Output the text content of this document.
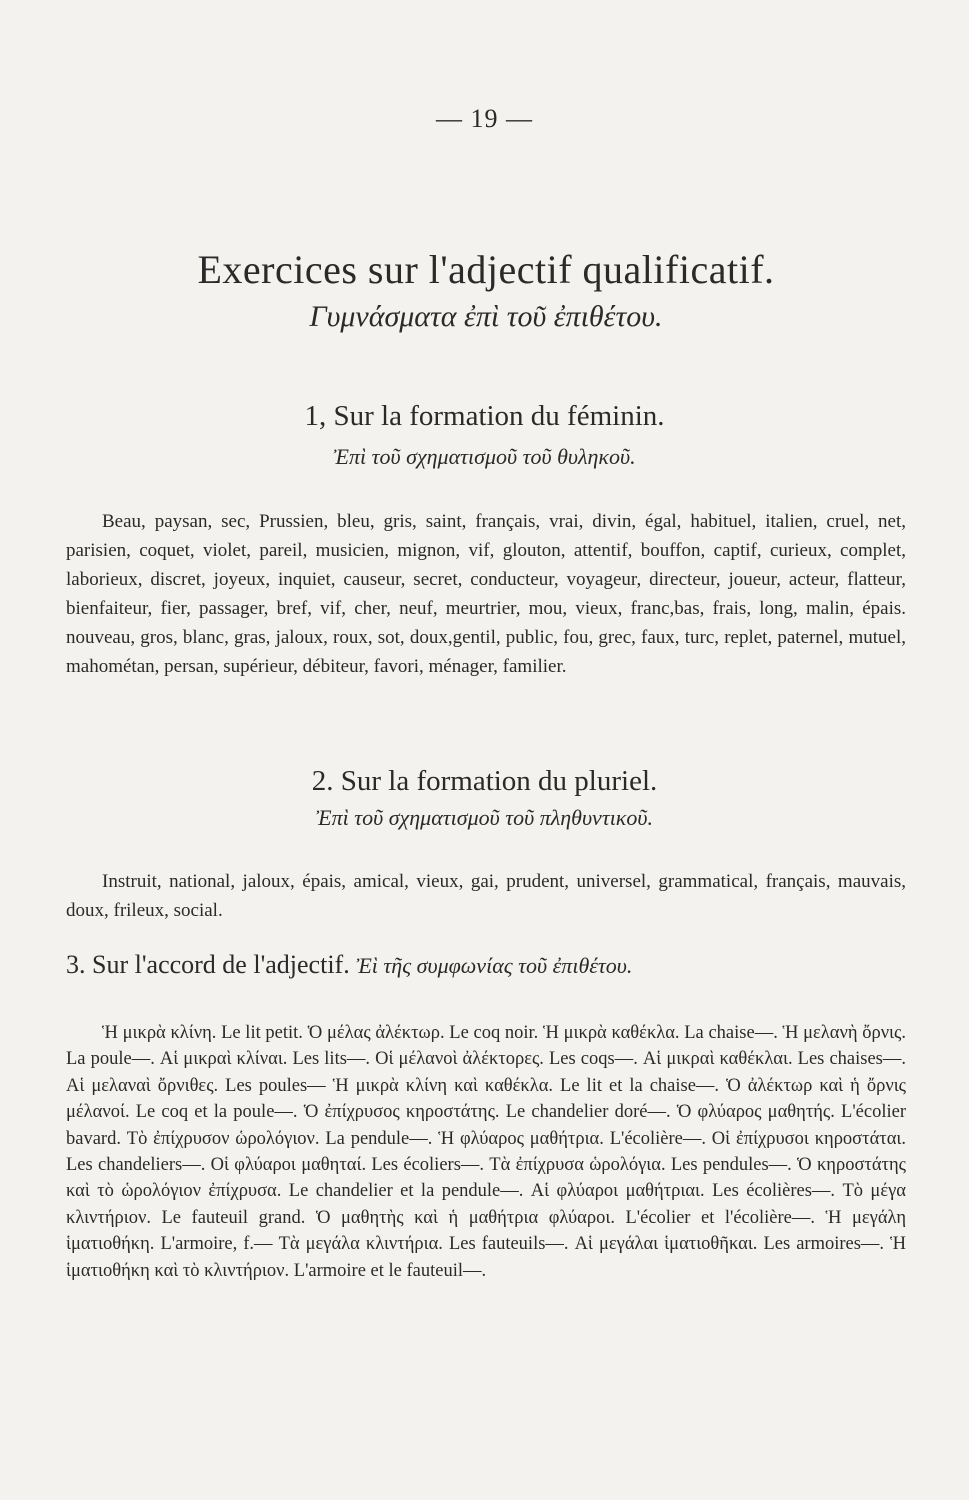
— 19 —
Exercices sur l'adjectif qualificatif.
Γυμνάσματα ἐπὶ τοῦ ἐπιθέτου.
1, Sur la formation du féminin.
Ἐπὶ τοῦ σχηματισμοῦ τοῦ θυληκοῦ.
Beau, paysan, sec, Prussien, bleu, gris, saint, français, vrai, divin, égal, habituel, italien, cruel, net, parisien, coquet, violet, pareil, musicien, mignon, vif, glouton, attentif, bouffon, captif, curieux, complet, laborieux, discret, joyeux, inquiet, causeur, secret, conducteur, voyageur, directeur, joueur, acteur, flatteur, bienfaiteur, fier, passager, bref, vif, cher, neuf, meurtrier, mou, vieux, franc,bas, frais, long, malin, épais. nouveau, gros, blanc, gras, jaloux, roux, sot, doux,gentil, public, fou, grec, faux, turc, replet, paternel, mutuel, mahométan, persan, supérieur, débiteur, favori, ménager, familier.
2. Sur la formation du pluriel.
Ἐπὶ τοῦ σχηματισμοῦ τοῦ πληθυντικοῦ.
Instruit, national, jaloux, épais, amical, vieux, gai, prudent, universel, grammatical, français, mauvais, doux, frileux, social.
3. Sur l'accord de l'adjectif. Ἐὶ τῆς συμφωνίας τοῦ ἐπιθέτου.
Ἡ μικρὰ κλίνη. Le lit petit. Ὁ μέλας ἀλέκτωρ. Le coq noir. Ἡ μικρὰ καθέκλα. La chaise—. Ἡ μελανὴ ὄρνις. La poule—. Αἱ μικραὶ κλίναι. Les lits—. Οἱ μέλανοὶ ἀλέκτορες. Les coqs—. Αἱ μικραὶ καθέκλαι. Les chaises—. Αἱ μελαναὶ ὄρνιθες. Les poules— Ἡ μικρὰ κλίνη καὶ καθέκλα. Le lit et la chaise—. Ὁ ἀλέκτωρ καὶ ἡ ὄρνις μέλανοί. Le coq et la poule—. Ὁ ἐπίχρυσος κηροστάτης. Le chandelier doré—. Ὁ φλύαρος μαθητής. L'écolier bavard. Τὸ ἐπίχρυσον ὡρολόγιον. La pendule—. Ἡ φλύαρος μαθήτρια. L'écolière—. Οἱ ἐπίχρυσοι κηροστάται. Les chandeliers—. Οἱ φλύαροι μαθηταί. Les écoliers—. Τὰ ἐπίχρυσα ὡρολόγια. Les pendules—. Ὁ κηροστάτης καὶ τὸ ὡρολόγιον ἐπίχρυσα. Le chandelier et la pendule—. Αἱ φλύαροι μαθήτριαι. Les écolières—. Τὸ μέγα κλιντήριον. Le fauteuil grand. Ὁ μαθητὴς καὶ ἡ μαθήτρια φλύαροι. L'écolier et l'écolière—. Ἡ μεγάλη ἱματιοθήκη. L'armoire, f.— Τὰ μεγάλα κλιντήρια. Les fauteuils—. Αἱ μεγάλαι ἱματιοθῆκαι. Les armoires—. Ἡ ἱματιοθήκη καὶ τὸ κλιντήριον. L'armoire et le fauteuil—.
